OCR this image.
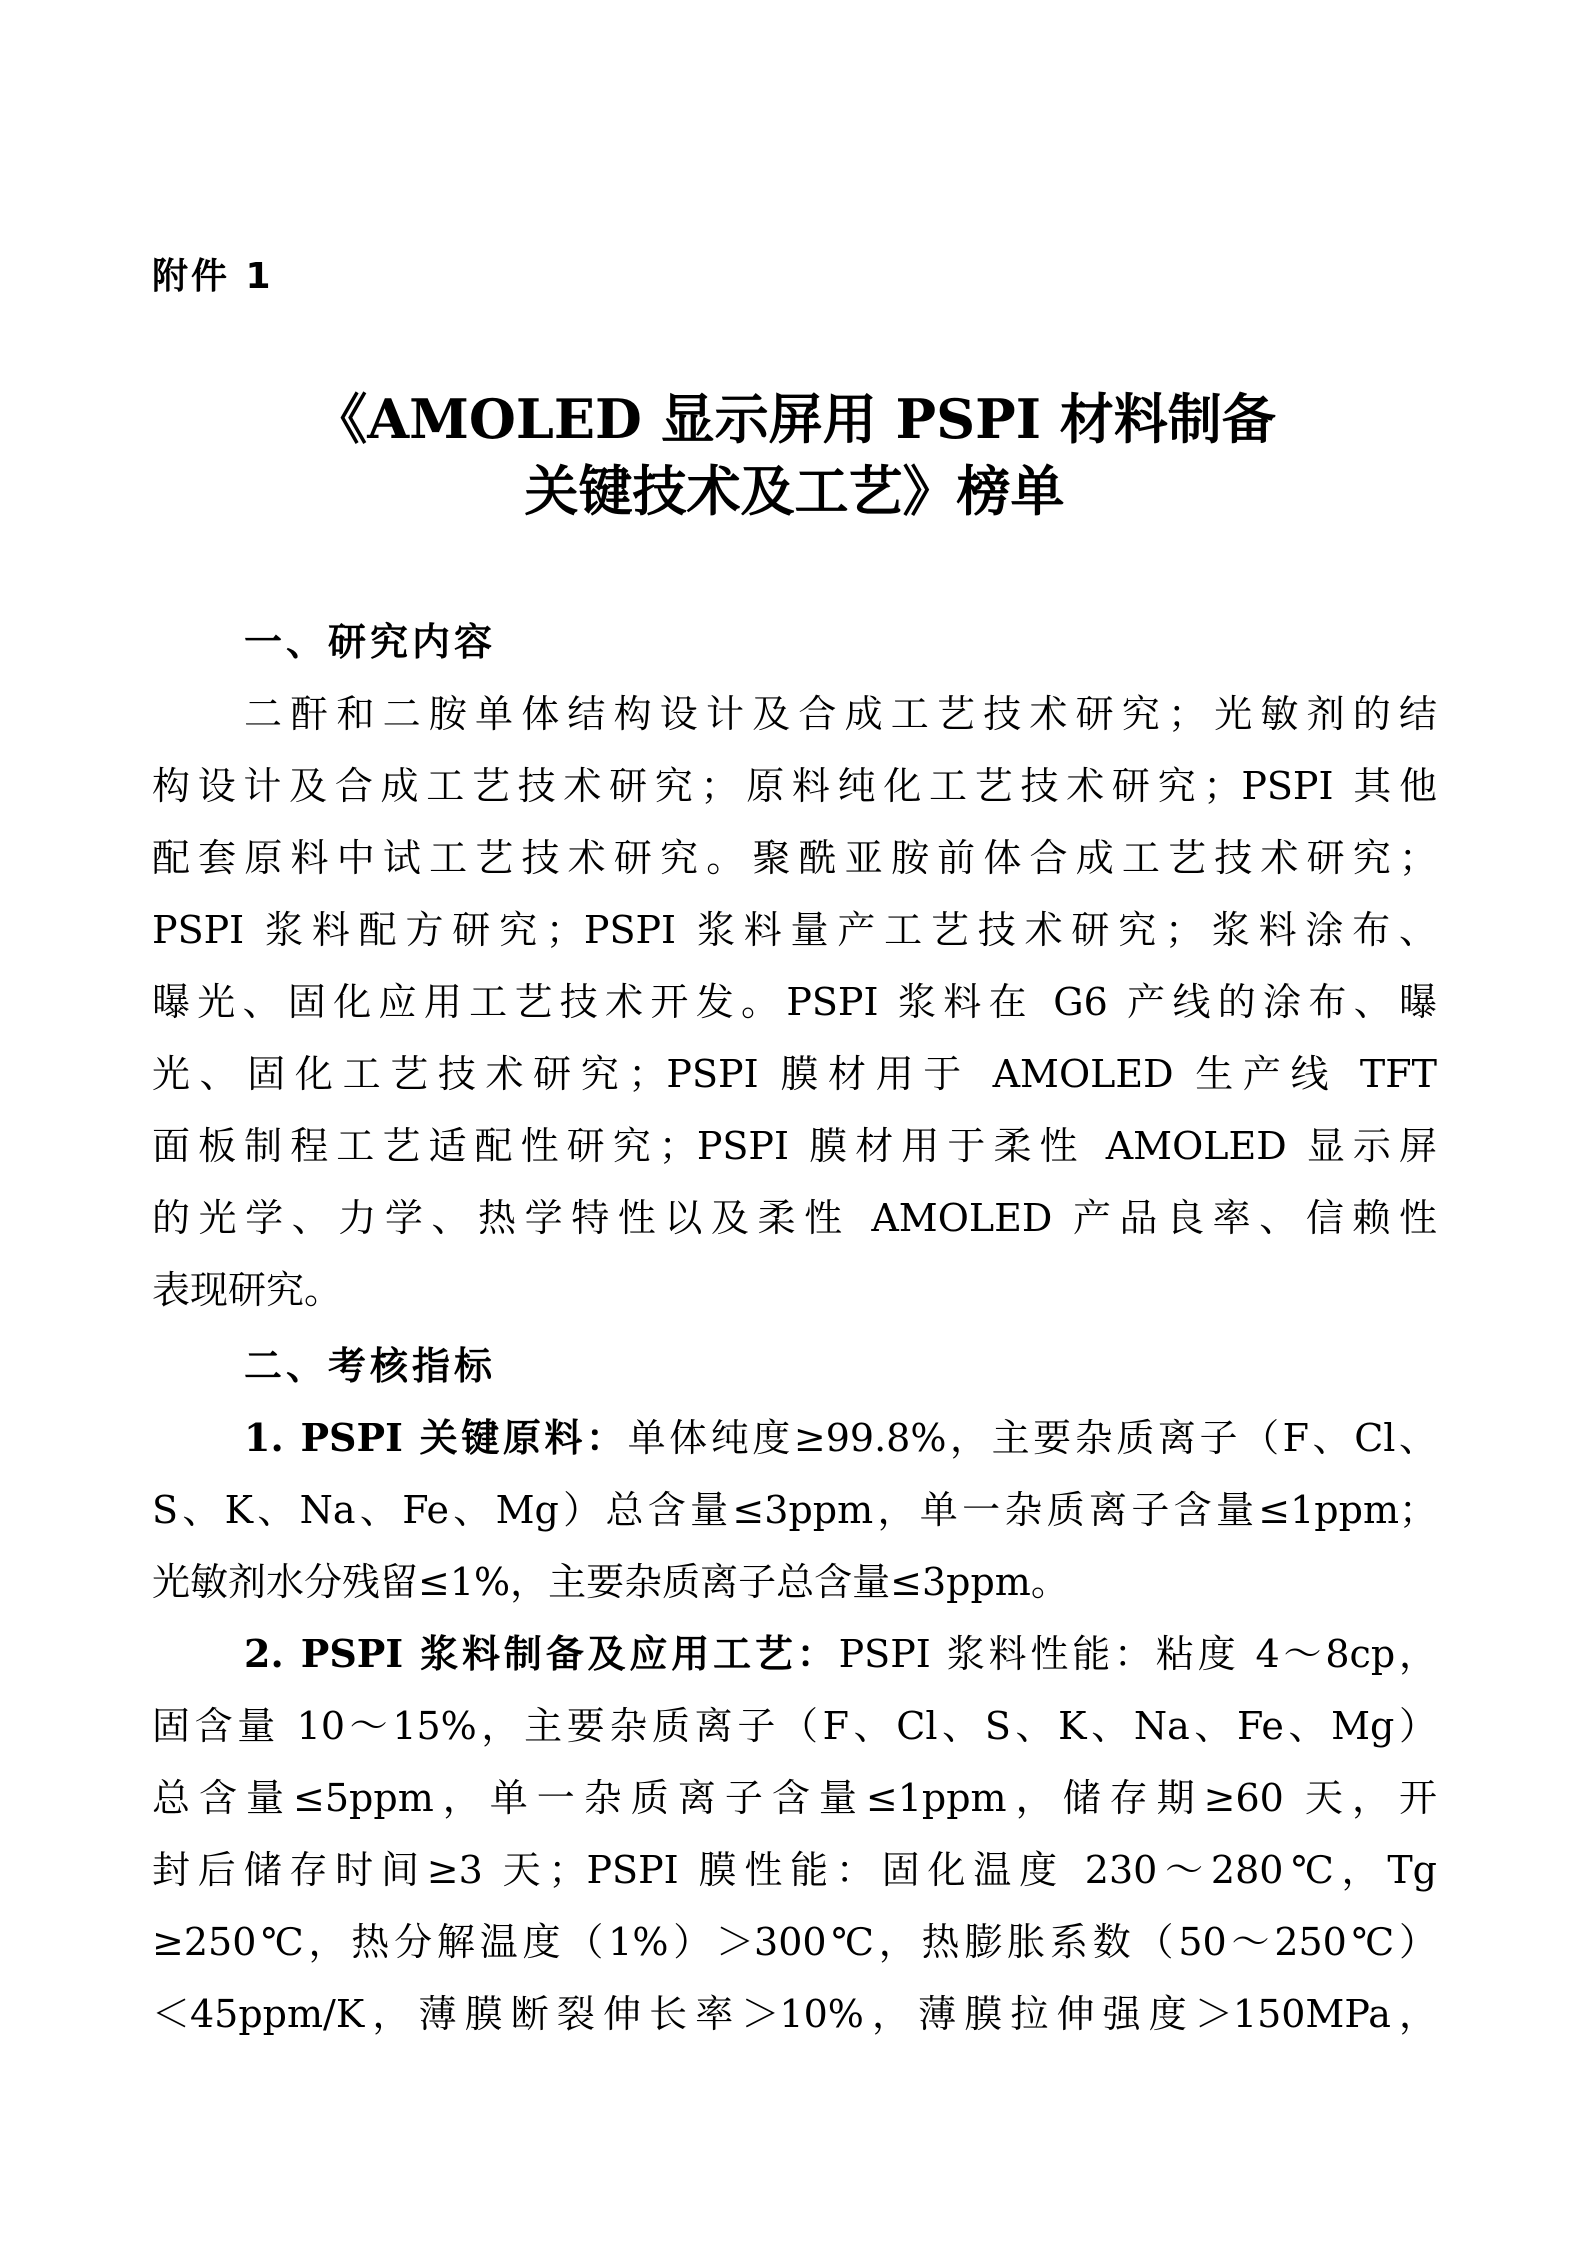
附件 1
《AMOLED 显示屏用 PSPI 材料制备
关键技术及工艺》榜单
一、研究内容
二酐和二胺单体结构设计及合成工艺技术研究；光敏剂的结
构设计及合成工艺技术研究；原料纯化工艺技术研究；PSPI 其他
配套原料中试工艺技术研究。聚酰亚胺前体合成工艺技术研究；
PSPI 浆料配方研究；PSPI 浆料量产工艺技术研究；浆料涂布、
曝光、固化应用工艺技术开发。PSPI 浆料在 G6 产线的涂布、曝
光、固化工艺技术研究；PSPI 膜材用于 AMOLED 生产线 TFT
面板制程工艺适配性研究；PSPI 膜材用于柔性 AMOLED 显示屏
的光学、力学、热学特性以及柔性 AMOLED 产品良率、信赖性
表现研究。
二、考核指标
1. PSPI 关键原料：单体纯度≥99.8%，主要杂质离子（F、Cl、
S、K、Na、Fe、Mg）总含量≤3ppm，单一杂质离子含量≤1ppm；
光敏剂水分残留≤1%，主要杂质离子总含量≤3ppm。
2. PSPI 浆料制备及应用工艺：PSPI 浆料性能：粘度 4～8cp，
固含量 10～15%，主要杂质离子（F、Cl、S、K、Na、Fe、Mg）
总含量≤5ppm，单一杂质离子含量≤1ppm，储存期≥60 天，开
封后储存时间≥3 天；PSPI 膜性能：固化温度 230～280℃，Tg
≥250℃，热分解温度（1%）＞300℃，热膨胀系数（50～250℃）
＜45ppm/K，薄膜断裂伸长率＞10%，薄膜拉伸强度＞150MPa，
